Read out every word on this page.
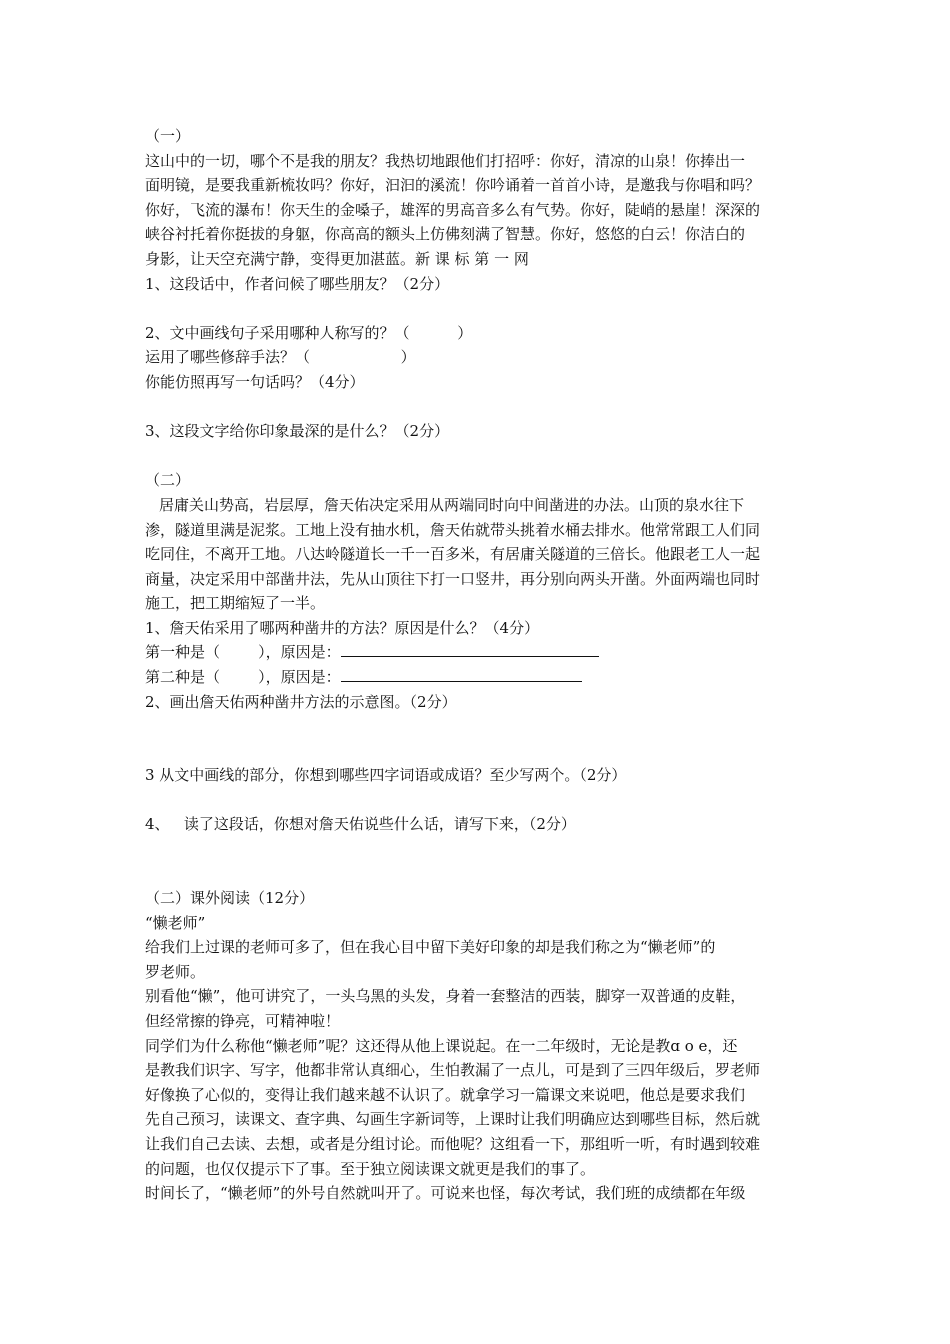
（一）
这山中的一切，哪个不是我的朋友？我热切地跟他们打招呼：你好，清凉的山泉！你捧出一
面明镜，是要我重新梳妆吗？你好，汩汩的溪流！你吟诵着一首首小诗，是邀我与你唱和吗？
你好，飞流的瀑布！你天生的金嗓子，雄浑的男高音多么有气势。你好，陡峭的悬崖！深深的
峡谷衬托着你挺拔的身躯，你高高的额头上仿佛刻满了智慧。你好，悠悠的白云！你洁白的
身影，让天空充满宁静，变得更加湛蓝。新 课 标 第 一 网
1、这段话中，作者问候了哪些朋友？（2分）
2、文中画线句子采用哪种人称写的？（          ）
运用了哪些修辞手法？（                   ）
你能仿照再写一句话吗？（4分）
3、这段文字给你印象最深的是什么？（2分）
（二）
居庸关山势高，岩层厚，詹天佑决定采用从两端同时向中间凿进的办法。山顶的泉水往下
渗，隧道里满是泥浆。工地上没有抽水机，詹天佑就带头挑着水桶去排水。他常常跟工人们同
吃同住，不离开工地。八达岭隧道长一千一百多米，有居庸关隧道的三倍长。他跟老工人一起
商量，决定采用中部凿井法，先从山顶往下打一口竖井，再分别向两头开凿。外面两端也同时
施工，把工期缩短了一半。
1、詹天佑采用了哪两种凿井的方法？原因是什么？（4分）
第一种是（        ），原因是：
第二种是（        ），原因是：
2、画出詹天佑两种凿井方法的示意图。（2分）
3 从文中画线的部分，你想到哪些四字词语或成语？至少写两个。（2分）
4、   读了这段话，你想对詹天佑说些什么话，请写下来，（2分）
（二）课外阅读（12分）
“懒老师”
给我们上过课的老师可多了，但在我心目中留下美好印象的却是我们称之为“懒老师”的
罗老师。
别看他“懒”，他可讲究了，一头乌黑的头发，身着一套整洁的西装，脚穿一双普通的皮鞋，
但经常擦的铮亮，可精神啦！
同学们为什么称他“懒老师”呢？这还得从他上课说起。在一二年级时，无论是教ɑ o e，还
是教我们识字、写字，他都非常认真细心，生怕教漏了一点儿，可是到了三四年级后，罗老师
好像换了心似的，变得让我们越来越不认识了。就拿学习一篇课文来说吧，他总是要求我们
先自己预习，读课文、查字典、勾画生字新词等，上课时让我们明确应达到哪些目标，然后就
让我们自己去读、去想，或者是分组讨论。而他呢？这组看一下，那组听一听，有时遇到较难
的问题，也仅仅提示下了事。至于独立阅读课文就更是我们的事了。
时间长了，“懒老师”的外号自然就叫开了。可说来也怪，每次考试，我们班的成绩都在年级
